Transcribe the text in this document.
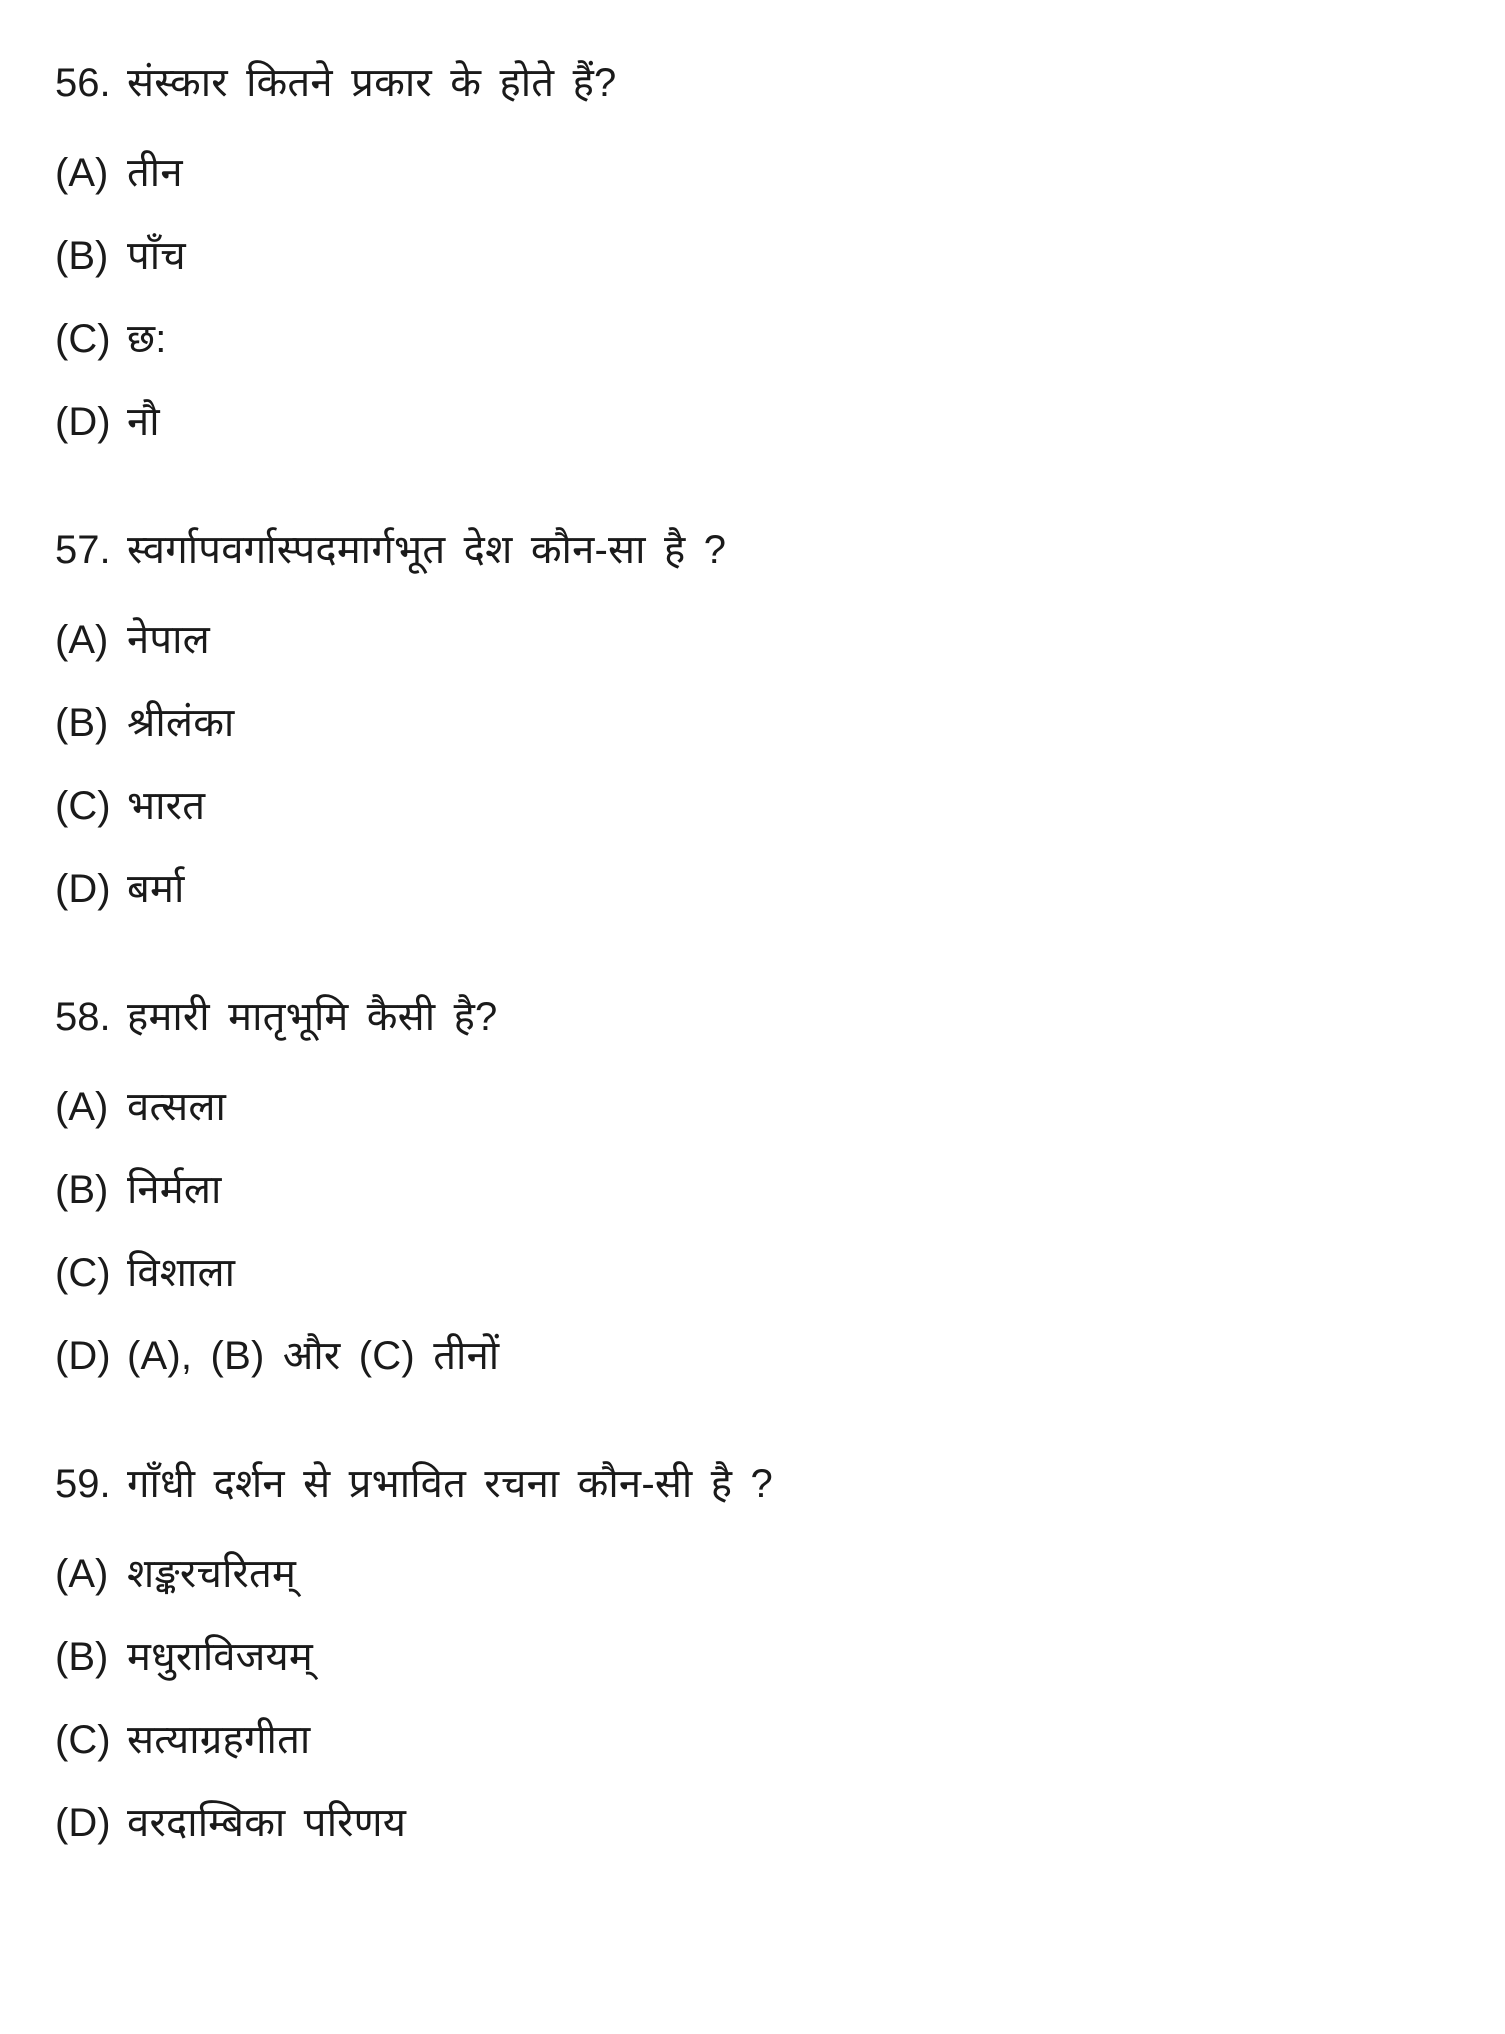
56. संस्कार कितने प्रकार के होते हैं?
(A) तीन
(B) पाँच
(C) छ:
(D) नौ
57. स्वर्गापवर्गास्पदमार्गभूत देश कौन-सा है ?
(A) नेपाल
(B) श्रीलंका
(C) भारत
(D) बर्मा
58. हमारी मातृभूमि कैसी है?
(A) वत्सला
(B) निर्मला
(C) विशाला
(D) (A), (B) और (C) तीनों
59. गाँधी दर्शन से प्रभावित रचना कौन-सी है ?
(A) शङ्करचरितम्
(B) मधुराविजयम्
(C) सत्याग्रहगीता
(D) वरदाम्बिका परिणय
